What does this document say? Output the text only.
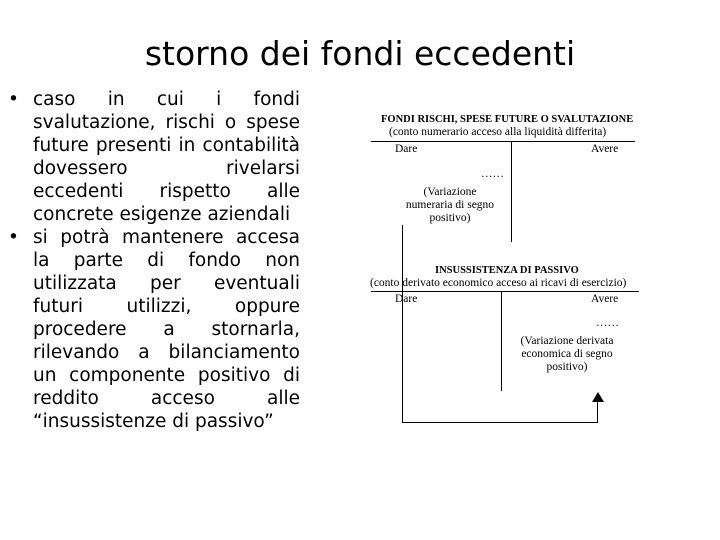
storno dei fondi eccedenti
• caso in cui i fondi svalutazione, rischi o spese future presenti in contabilità dovessero rivelarsi eccedenti rispetto alle concrete esigenze aziendali
• si potrà mantenere accesa la parte di fondo non utilizzata per eventuali futuri utilizzi, oppure procedere a stornarla, rilevando a bilanciamento un componente positivo di reddito acceso alle “insussistenze di passivo”
FONDI RISCHI, SPESE FUTURE O SVALUTAZIONE
(conto numerario acceso alla liquidità differita)
Dare	Avere
……
(Variazione
numeraria di segno
positivo)
INSUSSISTENZA DI PASSIVO
(conto derivato economico acceso ai ricavi di esercizio)
Dare	Avere
……
(Variazione derivata
economica di segno
positivo)
